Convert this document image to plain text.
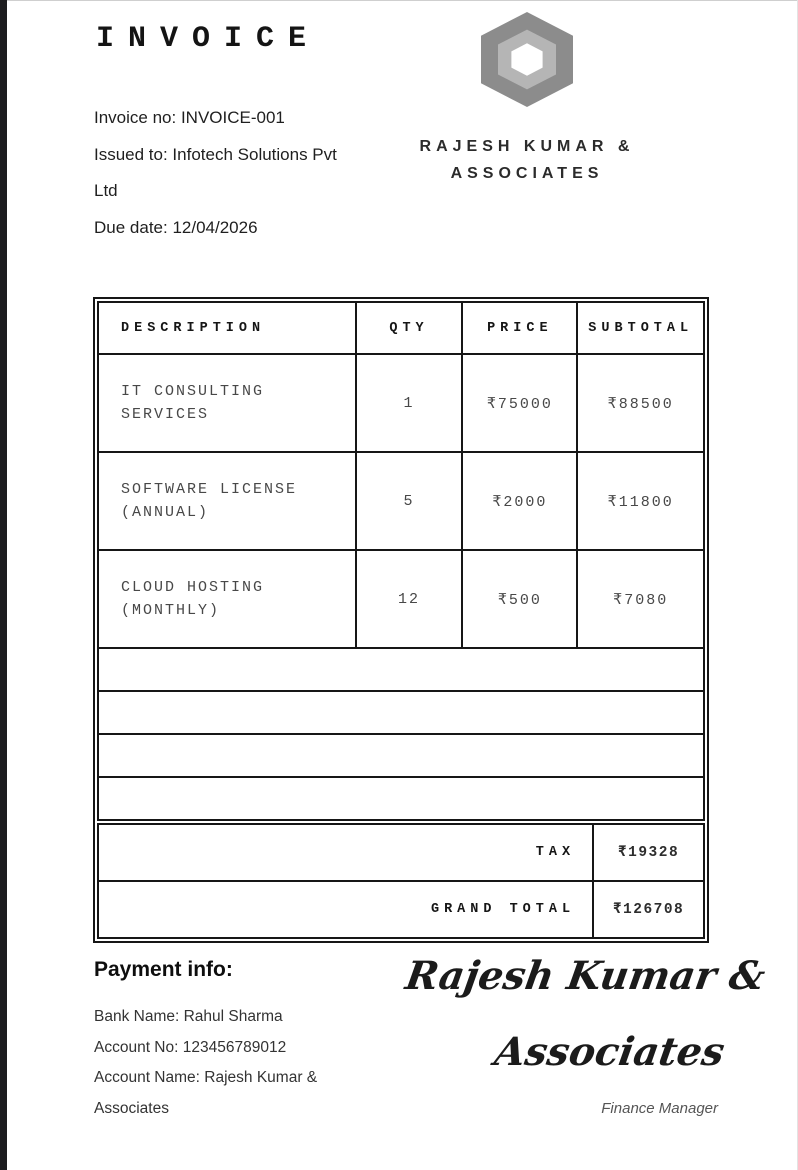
INVOICE
Invoice no: INVOICE-001
Issued to: Infotech Solutions Pvt
Ltd
Due date: 12/04/2026
RAJESH KUMAR &
ASSOCIATES
DESCRIPTION	QTY	PRICE	SUBTOTAL
IT CONSULTING SERVICES	1	₹75000	₹88500
SOFTWARE LICENSE (ANNUAL)	5	₹2000	₹11800
CLOUD HOSTING (MONTHLY)	12	₹500	₹7080

TAX	₹19328
GRAND TOTAL	₹126708
Payment info:
Bank Name: Rahul Sharma
Account No: 123456789012
Account Name: Rajesh Kumar &
Associates
Rajesh Kumar &
Associates
Finance Manager
